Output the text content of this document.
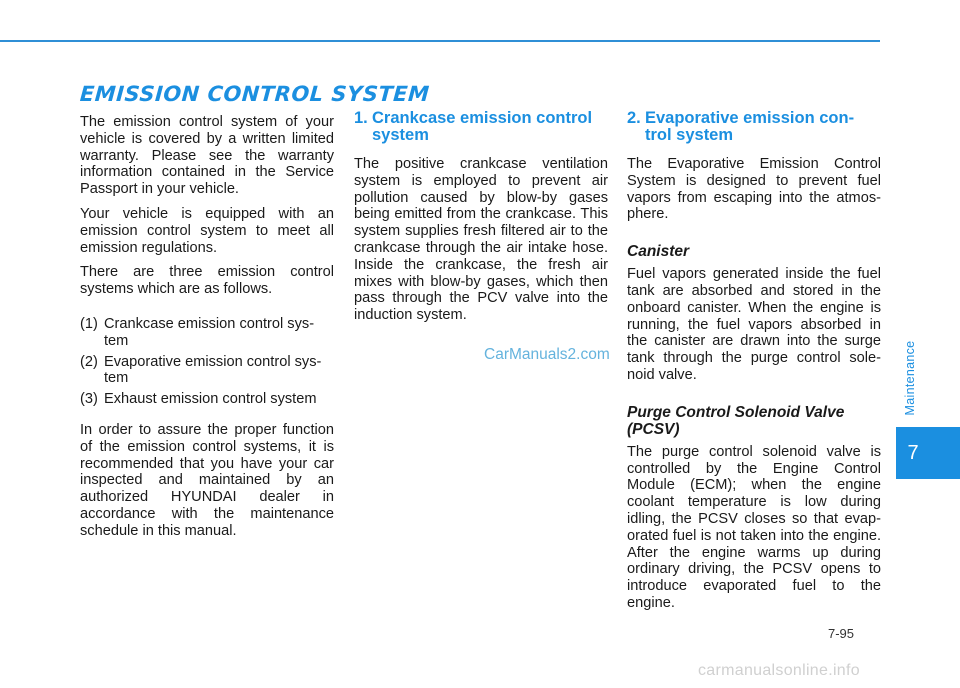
EMISSION CONTROL SYSTEM

The emission control system of your vehicle is covered by a written limited warranty. Please see the warranty information contained in the Service Passport in your vehicle.

Your vehicle is equipped with an emission control system to meet all emission regulations.

There are three emission control systems which are as follows.

(1) Crankcase emission control sys-tem
(2) Evaporative emission control sys-tem
(3) Exhaust emission control system

In order to assure the proper function of the emission control systems, it is recommended that you have your car inspected and maintained by an authorized HYUNDAI dealer in accordance with the maintenance schedule in this manual.

1. Crankcase emission control
system

The positive crankcase ventilation system is employed to prevent air pollution caused by blow-by gases being emitted from the crankcase. This system supplies fresh filtered air to the crankcase through the air intake hose. Inside the crankcase, the fresh air mixes with blow-by gases, which then pass through the PCV valve into the induction system.

2. Evaporative emission con-
trol system

The Evaporative Emission Control System is designed to prevent fuel vapors from escaping into the atmos-phere.

Canister

Fuel vapors generated inside the fuel tank are absorbed and stored in the onboard canister. When the engine is running, the fuel vapors absorbed in the canister are drawn into the surge tank through the purge control sole-noid valve.

Purge Control Solenoid Valve
(PCSV)

The purge control solenoid valve is controlled by the Engine Control Module (ECM); when the engine coolant temperature is low during idling, the PCSV closes so that evap-orated fuel is not taken into the engine. After the engine warms up during ordinary driving, the PCSV opens to introduce evaporated fuel to the engine.

CarManuals2.com	Maintenance
7
7-95
carmanualsonline.info
